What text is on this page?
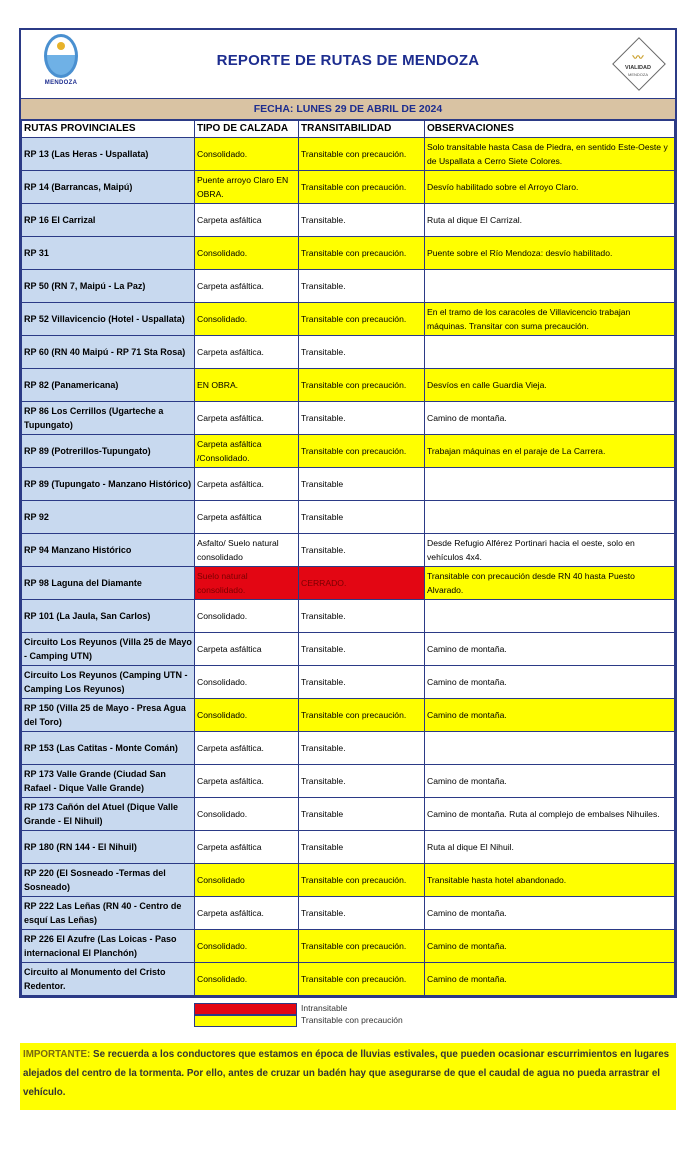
MENDOZA
REPORTE DE RUTAS DE MENDOZA	〰
VIALIDAD
MENDOZA
FECHA: LUNES 29 DE ABRIL DE 2024
RUTAS PROVINCIALES	TIPO DE CALZADA	TRANSITABILIDAD	OBSERVACIONES
RP 13 (Las Heras - Uspallata)	Consolidado.	Transitable con precaución.	Solo transitable hasta Casa de Piedra, en sentido Este-Oeste y de Uspallata a Cerro Siete Colores.
RP 14 (Barrancas, Maipú)	Puente arroyo Claro EN OBRA.	Transitable con precaución.	Desvío habilitado sobre el Arroyo Claro.
RP 16 El Carrizal	Carpeta asfáltica	Transitable.	Ruta al dique El Carrizal.
RP 31	Consolidado.	Transitable con precaución.	Puente sobre el Río Mendoza: desvío habilitado.
RP 50 (RN 7, Maipú - La Paz)	Carpeta asfáltica.	Transitable.	
RP 52 Villavicencio (Hotel - Uspallata)	Consolidado.	Transitable con precaución.	En el tramo de los caracoles de Villavicencio trabajan máquinas. Transitar con suma precaución.
RP 60 (RN 40 Maipú - RP 71 Sta Rosa)	Carpeta asfáltica.	Transitable.	
RP 82 (Panamericana)	EN OBRA.	Transitable con precaución.	Desvíos en calle Guardia Vieja.
RP 86 Los Cerrillos (Ugarteche a Tupungato)	Carpeta asfáltica.	Transitable.	Camino de montaña.
RP 89 (Potrerillos-Tupungato)	Carpeta asfáltica /Consolidado.	Transitable con precaución.	Trabajan máquinas en el paraje de La Carrera.
RP 89 (Tupungato - Manzano Histórico)	Carpeta asfáltica.	Transitable	
RP 92	Carpeta asfáltica	Transitable	
RP 94 Manzano Histórico	Asfalto/ Suelo natural consolidado	Transitable.	Desde Refugio Alférez Portinari hacia el oeste, solo en vehículos 4x4.
RP 98 Laguna del Diamante	Suelo natural consolidado.	CERRADO.	Transitable con precaución desde RN 40 hasta Puesto Alvarado.
RP 101 (La Jaula, San Carlos)	Consolidado.	Transitable.	
Circuito Los Reyunos (Villa 25 de Mayo - Camping UTN)	Carpeta asfáltica	Transitable.	Camino de montaña.
Circuito Los Reyunos (Camping UTN - Camping Los Reyunos)	Consolidado.	Transitable.	Camino de montaña.
RP 150 (Villa 25 de Mayo - Presa Agua del Toro)	Consolidado.	Transitable con precaución.	Camino de montaña.
RP 153 (Las Catitas - Monte Comán)	Carpeta asfáltica.	Transitable.	
RP 173 Valle Grande (Ciudad San Rafael - Dique Valle Grande)	Carpeta asfáltica.	Transitable.	Camino de montaña.
RP 173 Cañón del Atuel (Dique Valle Grande - El Nihuil)	Consolidado.	Transitable	Camino de montaña. Ruta al complejo de embalses Nihuiles.
RP 180 (RN 144 - El Nihuil)	Carpeta asfáltica	Transitable	Ruta al dique El Nihuil.
RP 220 (El Sosneado -Termas del Sosneado)	Consolidado	Transitable con precaución.	Transitable hasta hotel abandonado.
RP 222 Las Leñas (RN 40 - Centro de esquí Las Leñas)	Carpeta asfáltica.	Transitable.	Camino de montaña.
RP 226 El Azufre (Las Loicas - Paso internacional El Planchón)	Consolidado.	Transitable con precaución.	Camino de montaña.
Circuito al Monumento del Cristo Redentor.	Consolidado.	Transitable con precaución.	Camino de montaña.
Intransitable
Transitable con precaución
IMPORTANTE: Se recuerda a los conductores que estamos en época de lluvias estivales, que pueden ocasionar escurrimientos en lugares alejados del centro de la tormenta. Por ello, antes de cruzar un badén hay que asegurarse de que el caudal de agua no pueda arrastrar el vehículo.
